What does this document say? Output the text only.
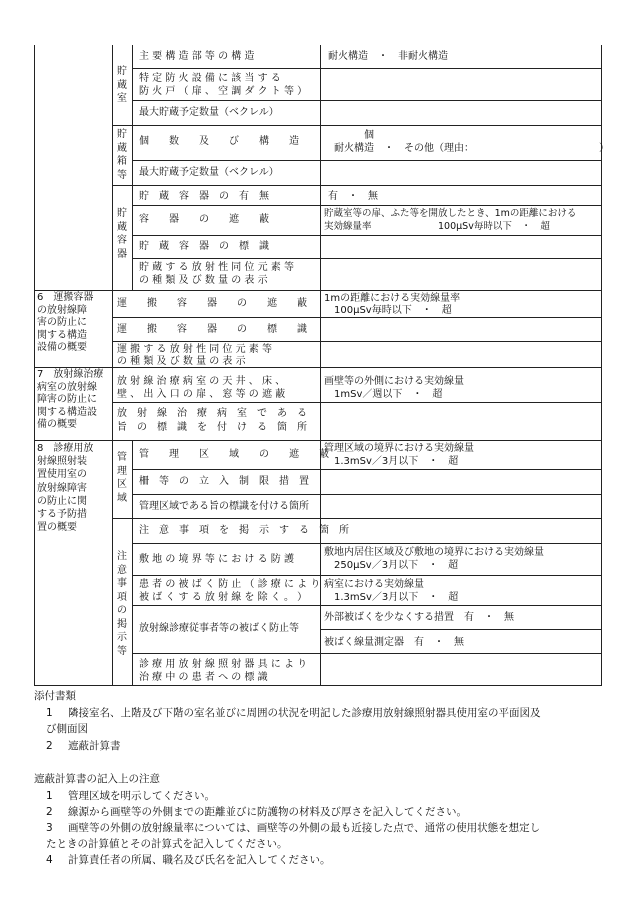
貯
蔵
室
主 要 構 造 部 等 の 構 造	耐火構造　・　非耐火構造
特 定 防 火 設 備 に 該 当 す る
防 火 戸 （ 扉 、 空 調 ダ ク ト 等 ）
最大貯蔵予定数量（ベクレル）
貯
蔵
箱
等
個　　数　　及　　び　　構　　造
個
耐火構造　・　その他（理由：　　　　　　　　　　　　　）
最大貯蔵予定数量（ベクレル）
貯
蔵
容
器
貯　蔵　容　器　の　有　無	有　・　無
容　　器　　の　　遮　　蔽
貯蔵室等の扉、ふた等を開放したとき、1mの距離における
実効線量率　　　　　　　100μSv毎時以下　・　超
貯　蔵　容　器　の　標　識
貯 蔵 す る 放 射 性 同 位 元 素 等
の 種 類 及 び 数 量 の 表 示
6　運搬容器
の放射線障
害の防止に
関する構造
設備の概要
運　　搬　　容　　器　　の　　遮　　蔽 1mの距離における実効線量率
　100μSv毎時以下　・　超
運　　搬　　容　　器　　の　　標　　識
運 搬 す る 放 射 性 同 位 元 素 等
の 種 類 及 び 数 量 の 表 示
7　放射線治療
病室の放射線
障害の防止に
関する構造設
備の概要
放 射 線 治 療 病 室 の 天 井 、 床 、
壁 、 出 入 口 の 扉 、 窓 等 の 遮 蔽
画壁等の外側における実効線量
　1mSv／週以下　・　超
放　射　線　治　療　病　室　で　あ　る
旨　の　標　識　を　付　け　る　箇　所
8　診療用放
射線照射装
置使用室の
放射線障害
の防止に関
する予防措
置の概要
管
理
区
域
管　　理　　区　　域　　の　　遮　　蔽
管理区域の境界における実効線量
　1.3mSv／3月以下　・　超
柵　等　の　立　入　制　限　措　置
管理区域である旨の標識を付ける箇所
注
意
事
項
の
掲
示
等
注　意　事　項　を　掲　示　す　る　箇　所
敷 地 の 境 界 等 に お け る 防 護
敷地内居住区域及び敷地の境界における実効線量
　250μSv／3月以下　・　超
患 者 の 被 ば く 防 止 （ 診 療 に よ り
被 ば く す る 放 射 線 を 除 く 。 ）
病室における実効線量
　1.3mSv／3月以下　・　超
放射線診療従事者等の被ばく防止等
外部被ばくを少なくする措置　有　・　無
被ばく線量測定器　有　・　無
診 療 用 放 射 線 照 射 器 具 に よ り
治 療 中 の 患 者 へ の 標 識
添付書類
1 隣接室名、上階及び下階の室名並びに周囲の状況を明記した診療用放射線照射器具使用室の平面図及
び側面図
2 遮蔽計算書
遮蔽計算書の記入上の注意
1 管理区域を明示してください。
2 線源から画壁等の外側までの距離並びに防護物の材料及び厚さを記入してください。
3 画壁等の外側の放射線量率については、画壁等の外側の最も近接した点で、通常の使用状態を想定し
たときの計算値とその計算式を記入してください。
4 計算責任者の所属、職名及び氏名を記入してください。
